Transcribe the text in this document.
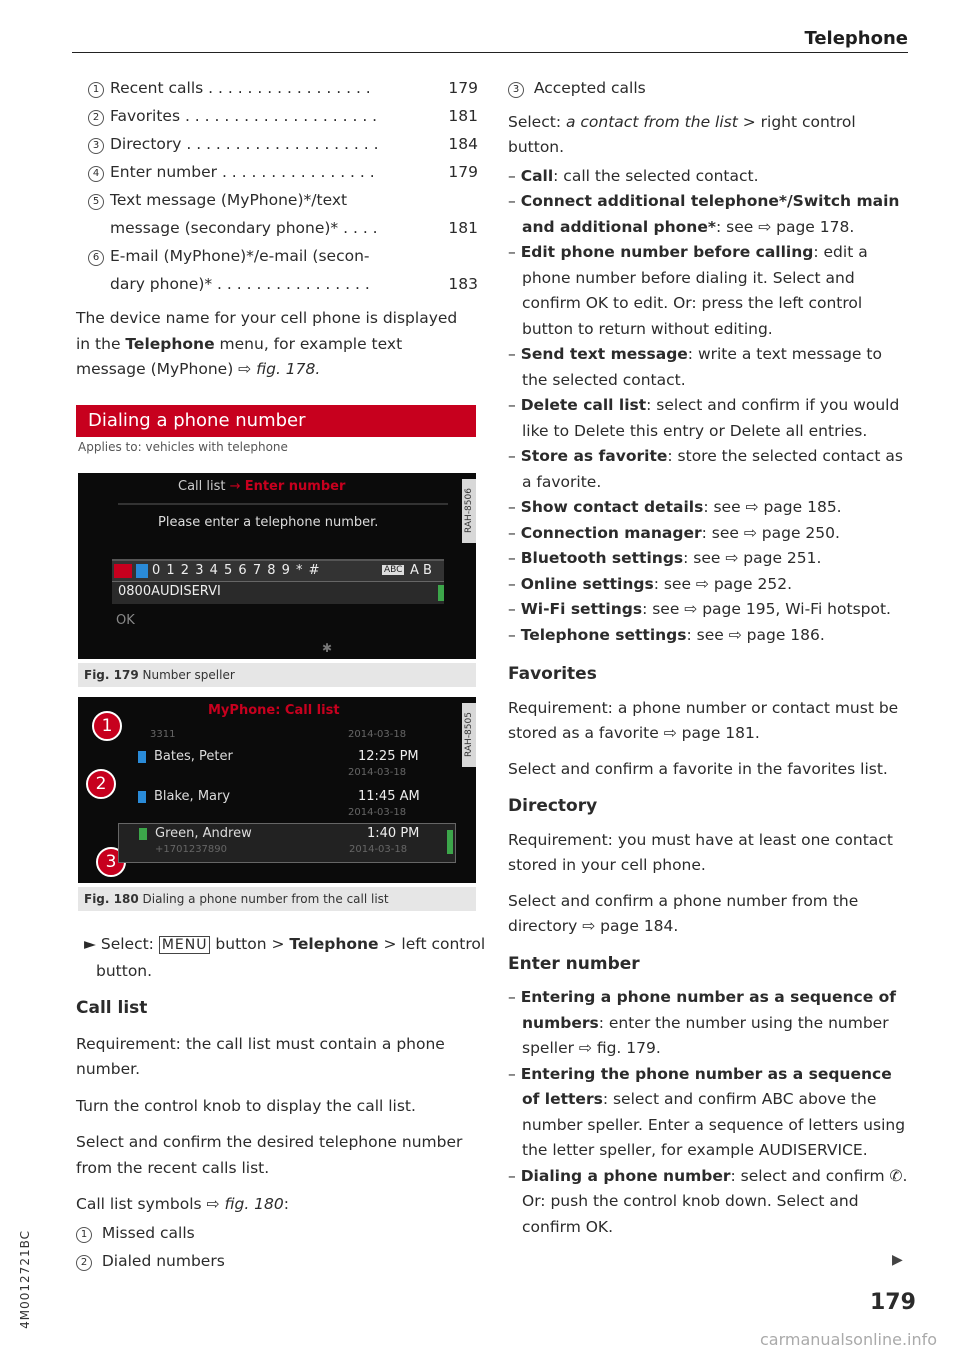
Telephone
1 Recent calls . . . . . . . . . . . . . . . . .	179
2 Favorites . . . . . . . . . . . . . . . . . . . .	181
3 Directory . . . . . . . . . . . . . . . . . . . .	184
4 Enter number . . . . . . . . . . . . . . . .	179
5 Text message (MyPhone)*/text
message (secondary phone)* . . . .	181
6 E-mail (MyPhone)*/e-mail (secon-
dary phone)* . . . . . . . . . . . . . . . .	183
The device name for your cell phone is displayed in the Telephone menu, for example text message (MyPhone) ⇨ fig. 178.
Dialing a phone number
Applies to: vehicles with telephone
Call list → Enter number
Please enter a telephone number.
0 1 2 3 4 5 6 7 8 9 * #	ABC A B
0800AUDISERVI
OK
✱
RAH-8506
Fig. 179 Number speller
MyPhone: Call list
1
2
3
3311	2014-03-18
Bates, Peter	12:25 PM
2014-03-18
Blake, Mary	11:45 AM
2014-03-18
Green, Andrew	1:40 PM
+1701237890	2014-03-18
RAH-8505
Fig. 180 Dialing a phone number from the call list
► Select: MENU button > Telephone > left control button.
Call list

Requirement: the call list must contain a phone number.

Turn the control knob to display the call list.

Select and confirm the desired telephone number from the recent calls list.

Call list symbols ⇨ fig. 180:

1 Missed calls

2 Dialed numbers

3 Accepted calls

Select: a contact from the list > right control button.

– Call: call the selected contact.

– Connect additional telephone*/Switch main and additional phone*: see ⇨ page 178.

– Edit phone number before calling: edit a phone number before dialing it. Select and confirm OK to edit. Or: press the left control button to return without editing.

– Send text message: write a text message to the selected contact.

– Delete call list: select and confirm if you would like to Delete this entry or Delete all entries.

– Store as favorite: store the selected contact as a favorite.

– Show contact details: see ⇨ page 185.

– Connection manager: see ⇨ page 250.

– Bluetooth settings: see ⇨ page 251.

– Online settings: see ⇨ page 252.

– Wi-Fi settings: see ⇨ page 195, Wi-Fi hotspot.

– Telephone settings: see ⇨ page 186.

Favorites

Requirement: a phone number or contact must be stored as a favorite ⇨ page 181.

Select and confirm a favorite in the favorites list.

Directory

Requirement: you must have at least one contact stored in your cell phone.

Select and confirm a phone number from the directory ⇨ page 184.

Enter number

– Entering a phone number as a sequence of numbers: enter the number using the number speller ⇨ fig. 179.

– Entering the phone number as a sequence of letters: select and confirm ABC above the number speller. Enter a sequence of letters using the letter speller, for example AUDISERVICE.

– Dialing a phone number: select and confirm ✆. Or: push the control knob down. Select and confirm OK.

▶
4M0012721BC	179
carmanualsonline.info
